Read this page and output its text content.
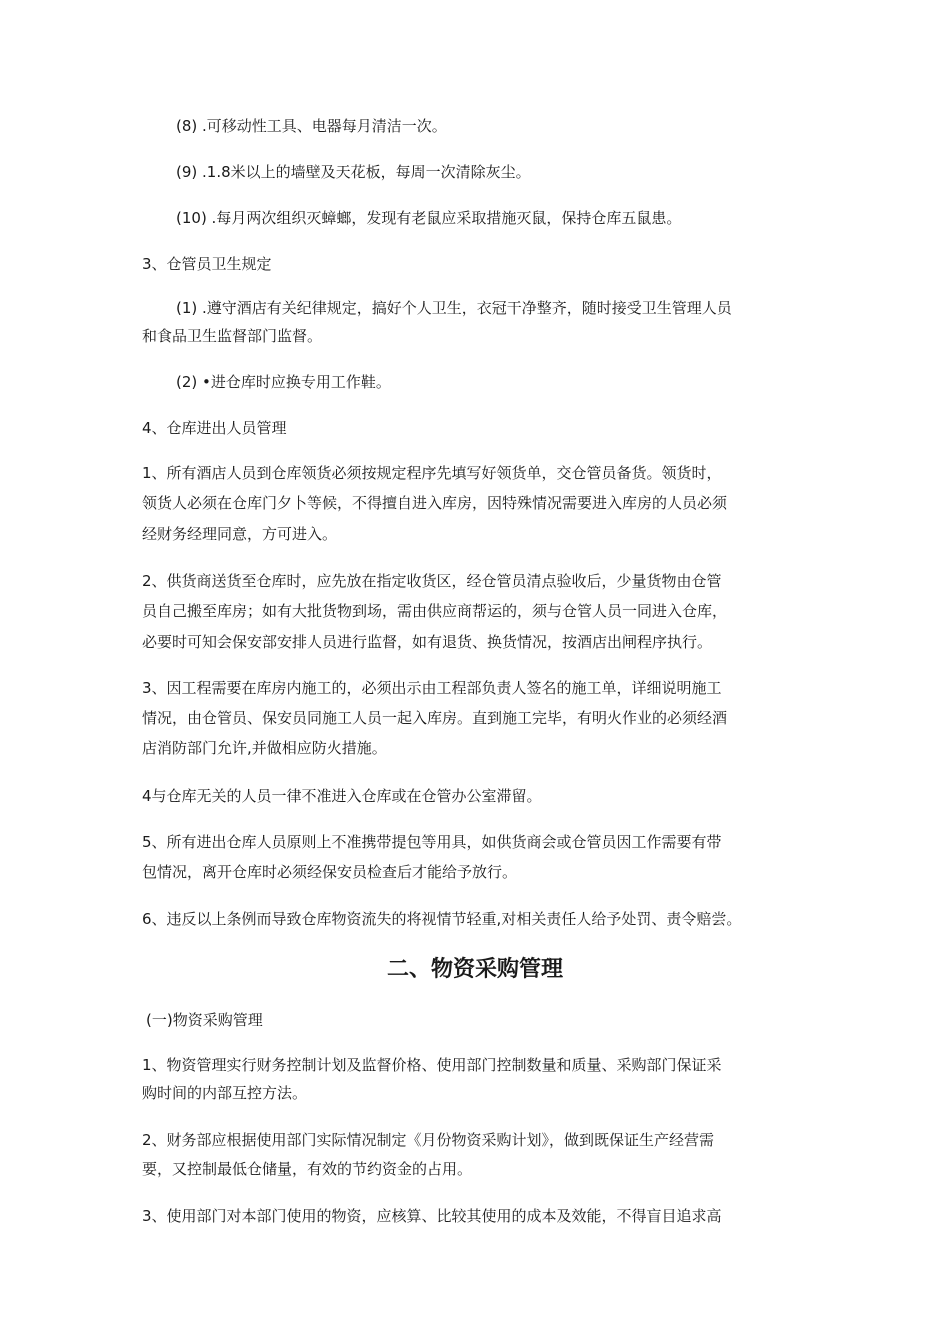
(8) .可移动性工具、电器每月清洁一次。
(9) .1.8米以上的墙壁及天花板，每周一次清除灰尘。
(10) .每月两次组织灭蟑螂，发现有老鼠应采取措施灭鼠，保持仓库五鼠患。
3、仓管员卫生规定
(1) .遵守酒店有关纪律规定，搞好个人卫生，衣冠干净整齐，随时接受卫生管理人员
和食品卫生监督部门监督。
(2) •进仓库时应换专用工作鞋。
4、仓库进出人员管理
1、所有酒店人员到仓库领货必须按规定程序先填写好领货单，交仓管员备货。领货时，
领货人必须在仓库门夕卜等候，不得擅自进入库房，因特殊情况需要进入库房的人员必须
经财务经理同意，方可进入。
2、供货商送货至仓库时，应先放在指定收货区，经仓管员清点验收后，少量货物由仓管
员自己搬至库房；如有大批货物到场，需由供应商帮运的，须与仓管人员一同进入仓库，
必要时可知会保安部安排人员进行监督，如有退货、换货情况，按酒店出闸程序执行。
3、因工程需要在库房内施工的，必须出示由工程部负责人签名的施工单，详细说明施工
情况，由仓管员、保安员同施工人员一起入库房。直到施工完毕，有明火作业的必须经酒
店消防部门允许,并做相应防火措施。
4与仓库无关的人员一律不准进入仓库或在仓管办公室滞留。
5、所有进出仓库人员原则上不准携带提包等用具，如供货商会或仓管员因工作需要有带
包情况，离开仓库时必须经保安员检查后才能给予放行。
6、违反以上条例而导致仓库物资流失的将视情节轻重,对相关责任人给予处罚、责令赔尝。
二、物资采购管理
(一)物资采购管理
1、物资管理实行财务控制计划及监督价格、使用部门控制数量和质量、采购部门保证采
购时间的内部互控方法。
2、财务部应根据使用部门实际情况制定《月份物资采购计划》，做到既保证生产经营需
要，又控制最低仓储量，有效的节约资金的占用。
3、使用部门对本部门使用的物资，应核算、比较其使用的成本及效能，不得盲目追求高
